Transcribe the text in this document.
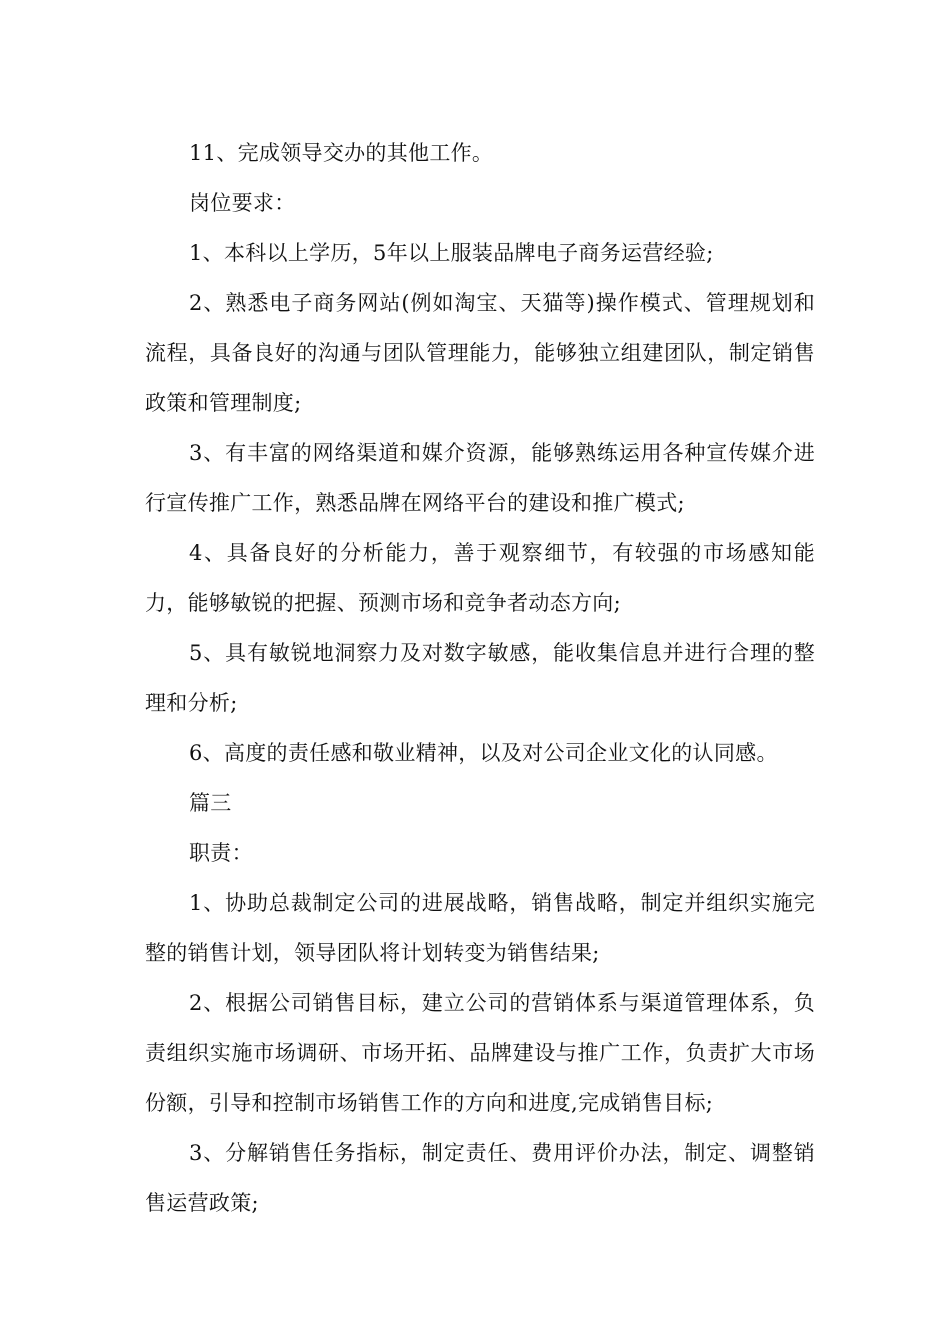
11、完成领导交办的其他工作。

岗位要求：

1、本科以上学历，5年以上服装品牌电子商务运营经验;

2、熟悉电子商务网站(例如淘宝、天猫等)操作模式、管理规划和流程，具备良好的沟通与团队管理能力，能够独立组建团队，制定销售政策和管理制度;

3、有丰富的网络渠道和媒介资源，能够熟练运用各种宣传媒介进行宣传推广工作，熟悉品牌在网络平台的建设和推广模式;

4、具备良好的分析能力，善于观察细节，有较强的市场感知能力，能够敏锐的把握、预测市场和竞争者动态方向;

5、具有敏锐地洞察力及对数字敏感，能收集信息并进行合理的整理和分析;

6、高度的责任感和敬业精神，以及对公司企业文化的认同感。

篇三

职责：

1、协助总裁制定公司的进展战略，销售战略，制定并组织实施完整的销售计划，领导团队将计划转变为销售结果;

2、根据公司销售目标，建立公司的营销体系与渠道管理体系，负责组织实施市场调研、市场开拓、品牌建设与推广工作，负责扩大市场份额，引导和控制市场销售工作的方向和进度,完成销售目标;

3、分解销售任务指标，制定责任、费用评价办法，制定、调整销售运营政策;
